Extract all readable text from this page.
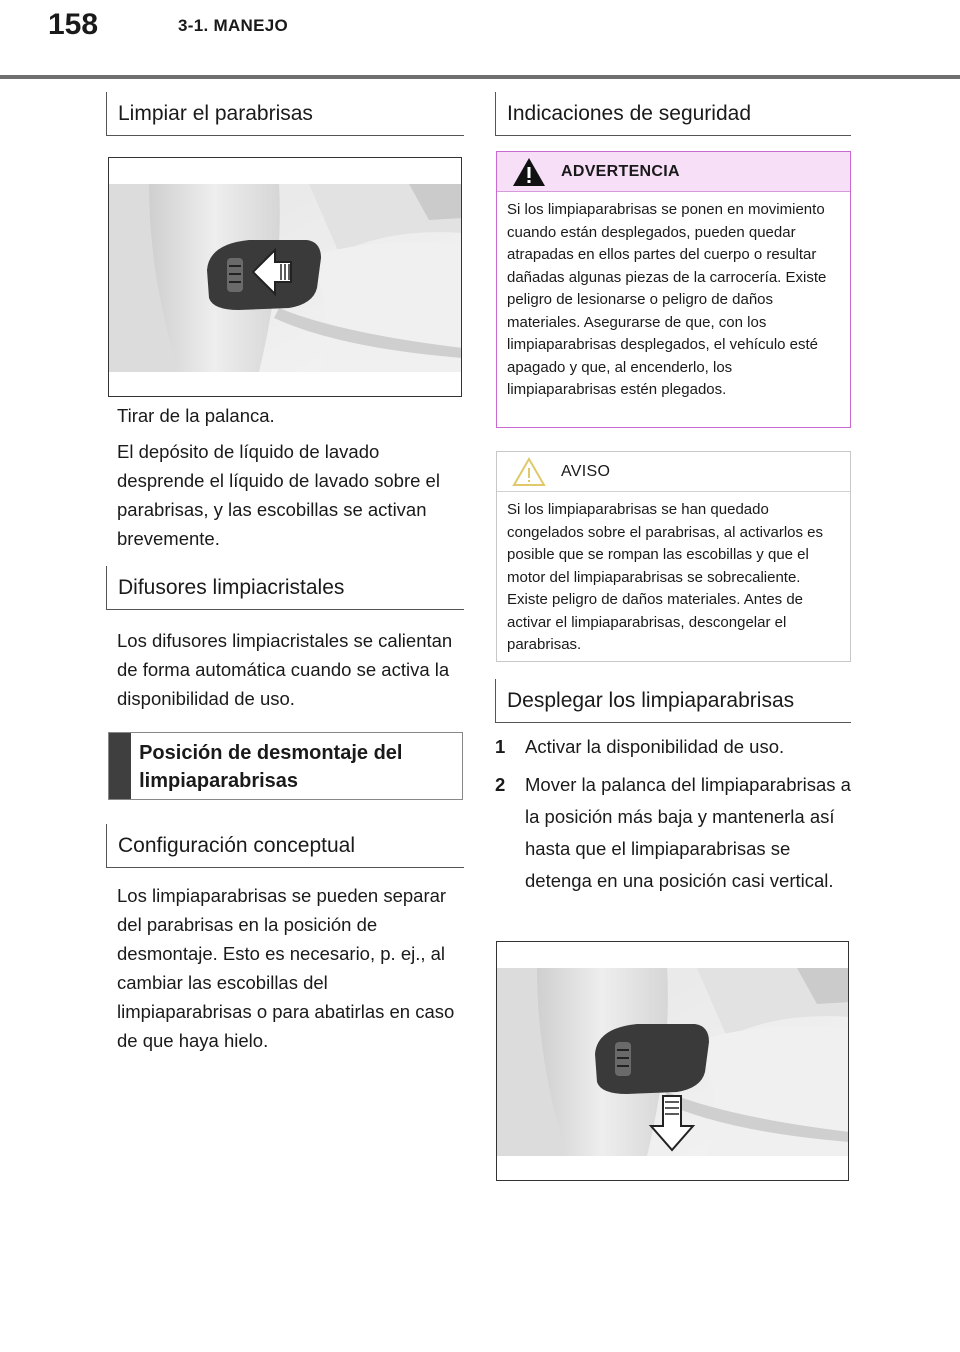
158	3-1. MANEJO
Limpiar el parabrisas

Tirar de la palanca.

El depósito de líquido de lavado desprende el líquido de lavado sobre el parabrisas, y las escobillas se activan brevemente.

Difusores limpiacristales

Los difusores limpiacristales se calientan de forma automática cuando se activa la disponibilidad de uso.

Posición de desmontaje del limpiaparabrisas
Configuración conceptual

Los limpiaparabrisas se pueden separar del parabrisas en la posición de desmontaje. Esto es necesario, p. ej., al cambiar las escobillas del limpiaparabrisas o para abatirlas en caso de que haya hielo.

Indicaciones de seguridad
ADVERTENCIA
Si los limpiaparabrisas se ponen en movimiento cuando están desplegados, pueden quedar atrapadas en ellos partes del cuerpo o resultar dañadas algunas piezas de la carrocería. Existe peligro de lesionarse o peligro de daños materiales. Asegurarse de que, con los limpiaparabrisas desplegados, el vehículo esté apagado y que, al encenderlo, los limpiaparabrisas estén plegados.
AVISO
Si los limpiaparabrisas se han quedado congelados sobre el parabrisas, al activarlos es posible que se rompan las escobillas y que el motor del limpiaparabrisas se sobrecaliente. Existe peligro de daños materiales. Antes de activar el limpiaparabrisas, descongelar el parabrisas.
Desplegar los limpiaparabrisas
1	Activar la disponibilidad de uso.
2	Mover la palanca del limpiaparabrisas a la posición más baja y mantenerla así hasta que el limpiaparabrisas se detenga en una posición casi vertical.
